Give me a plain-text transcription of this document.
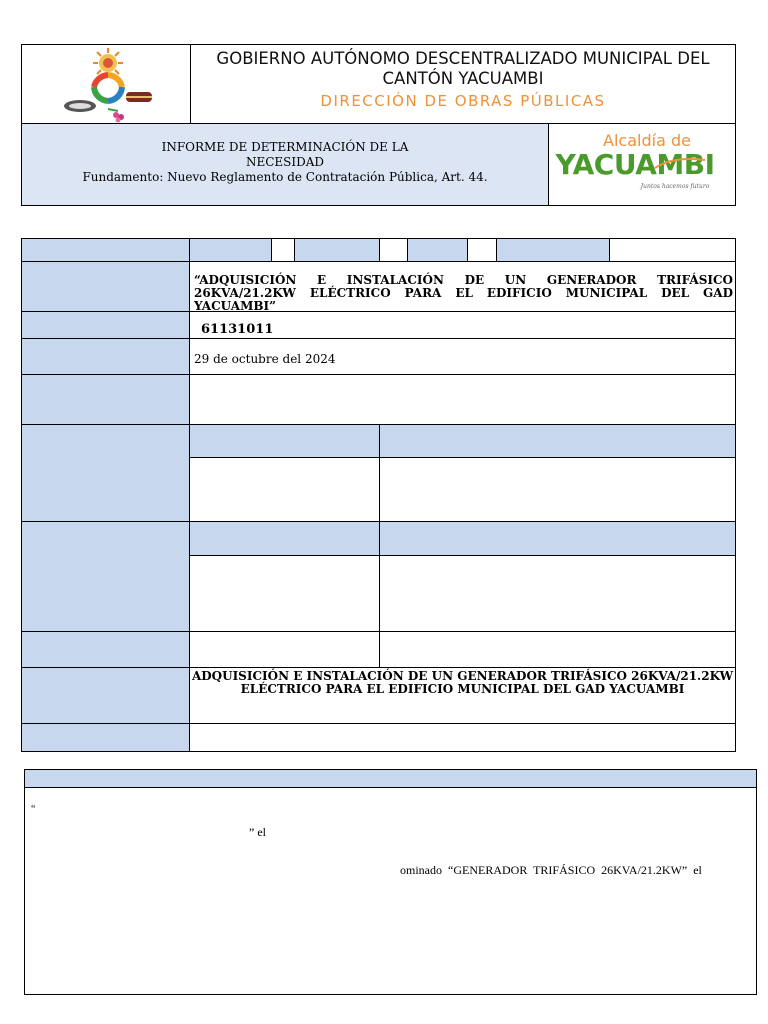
GOBIERNO AUTÓNOMO DESCENTRALIZADO MUNICIPAL DEL
CANTÓN YACUAMBI
DIRECCIÓN DE OBRAS PÚBLICAS
INFORME DE DETERMINACIÓN DE LA
NECESIDAD
Fundamento: Nuevo Reglamento de Contratación Pública, Art. 44.
Alcaldía de
YACUAMBI
Juntos hacemos futuro
“ADQUISICIÓN E INSTALACIÓN DE UN GENERADOR TRIFÁSICO 26KVA/21.2KW ELÉCTRICO PARA EL EDIFICIO MUNICIPAL DEL GAD YACUAMBI”
61131011
29 de octubre del 2024
ADQUISICIÓN E INSTALACIÓN DE UN GENERADOR TRIFÁSICO 26KVA/21.2KW
ELÉCTRICO PARA EL EDIFICIO MUNICIPAL DEL GAD YACUAMBI
“
” el
ominado “GENERADOR TRIFÁSICO 26KVA/21.2KW” el
